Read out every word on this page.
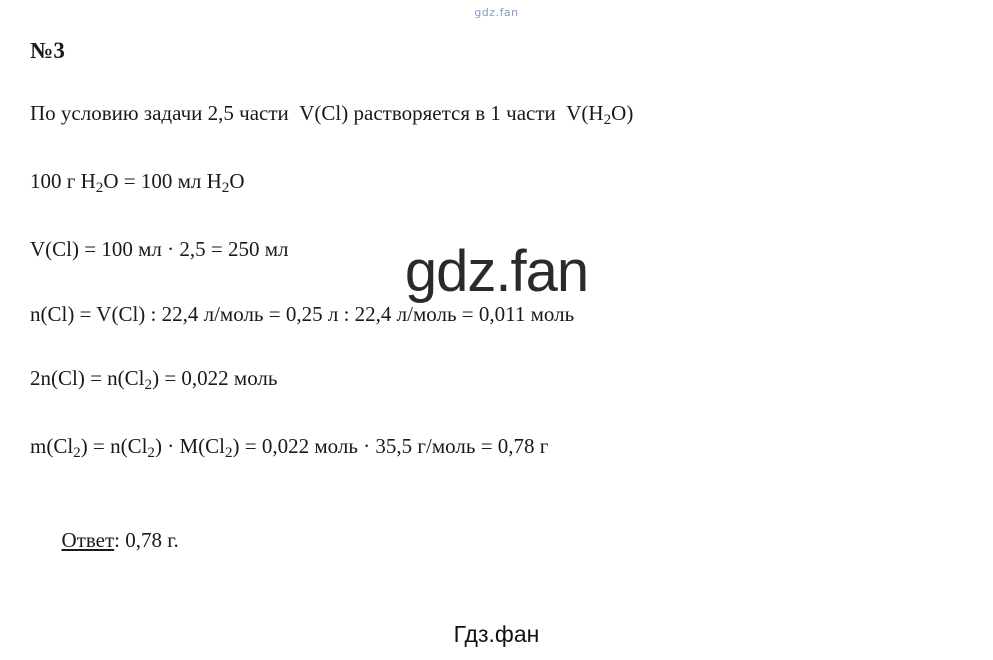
gdz.fan
№3
По условию задачи 2,5 части  V(Cl) растворяется в 1 части  $V(H_2O)$
100 г $H_2O = 100$ мл $H_2O$
V(Cl) = 100 мл · 2,5 = 250 мл
n(Cl) = V(Cl) : 22,4 л/моль = 0,25 л : 22,4 л/моль = 0,011 моль
$2n(Cl) = n(Cl_2) = 0,022$ моль
$m(Cl_2) = n(Cl_2) \cdot M(Cl_2) = 0,022$ моль · 35,5 г/моль = 0,78 г

Ответ: 0,78 г.

gdz.fan
Гдз.фан
